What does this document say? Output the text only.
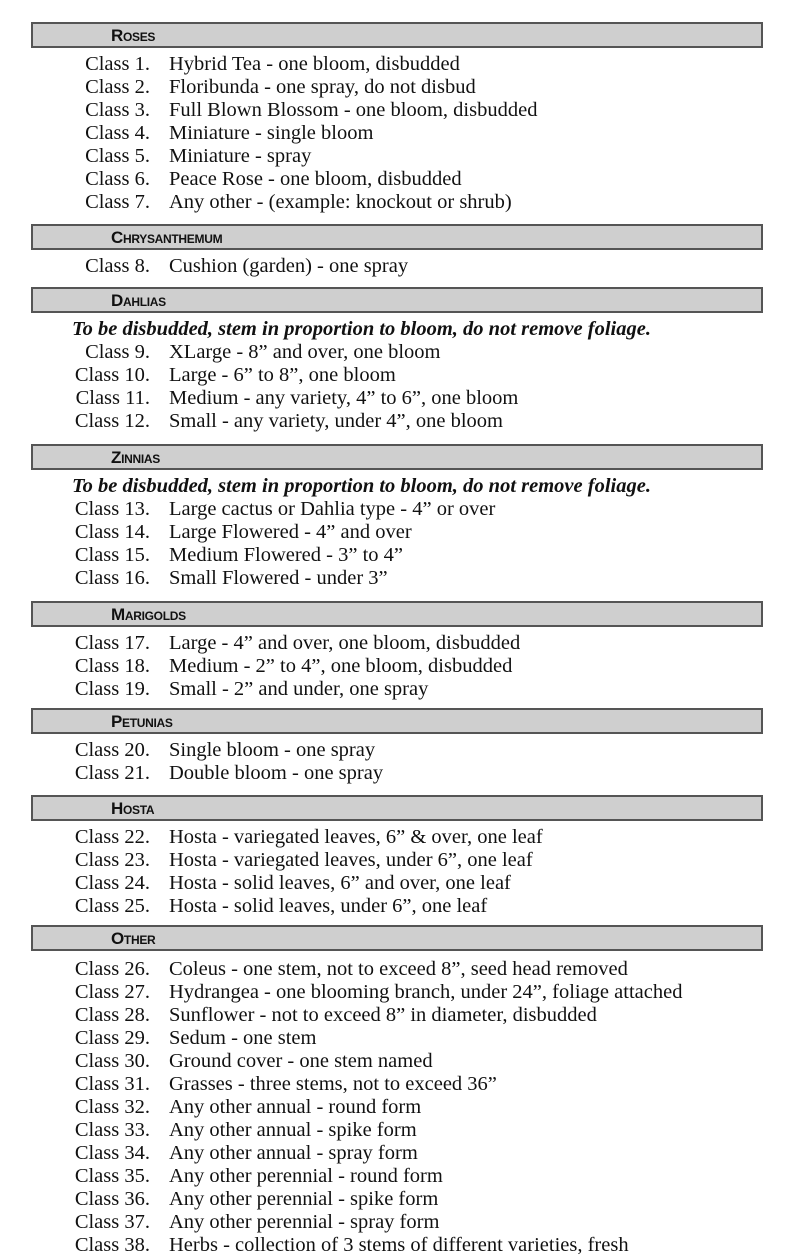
Roses
Class 1. Hybrid Tea - one bloom, disbudded
Class 2. Floribunda - one spray, do not disbud
Class 3. Full Blown Blossom - one bloom, disbudded
Class 4. Miniature - single bloom
Class 5. Miniature - spray
Class 6. Peace Rose - one bloom, disbudded
Class 7. Any other - (example: knockout or shrub)
Chrysanthemum
Class 8. Cushion (garden) - one spray
Dahlias
To be disbudded, stem in proportion to bloom, do not remove foliage.
Class 9. XLarge - 8” and over, one bloom
Class 10. Large - 6” to 8”, one bloom
Class 11. Medium - any variety, 4” to 6”, one bloom
Class 12. Small - any variety, under 4”, one bloom
Zinnias
To be disbudded, stem in proportion to bloom, do not remove foliage.
Class 13. Large cactus or Dahlia type - 4” or over
Class 14. Large Flowered - 4” and over
Class 15. Medium Flowered - 3” to 4”
Class 16. Small Flowered - under 3”
Marigolds
Class 17. Large - 4” and over, one bloom, disbudded
Class 18. Medium - 2” to 4”, one bloom, disbudded
Class 19. Small - 2” and under, one spray
Petunias
Class 20. Single bloom - one spray
Class 21. Double bloom - one spray
Hosta
Class 22. Hosta - variegated leaves, 6” & over, one leaf
Class 23. Hosta - variegated leaves, under 6”, one leaf
Class 24. Hosta - solid leaves, 6” and over, one leaf
Class 25. Hosta - solid leaves, under 6”, one leaf
Other
Class 26. Coleus - one stem, not to exceed 8”, seed head removed
Class 27. Hydrangea - one blooming branch, under 24”, foliage attached
Class 28. Sunflower - not to exceed 8” in diameter, disbudded
Class 29. Sedum - one stem
Class 30. Ground cover - one stem named
Class 31. Grasses - three stems, not to exceed 36”
Class 32. Any other annual - round form
Class 33. Any other annual - spike form
Class 34. Any other annual - spray form
Class 35. Any other perennial - round form
Class 36. Any other perennial - spike form
Class 37. Any other perennial - spray form
Class 38. Herbs - collection of 3 stems of different varieties, fresh
